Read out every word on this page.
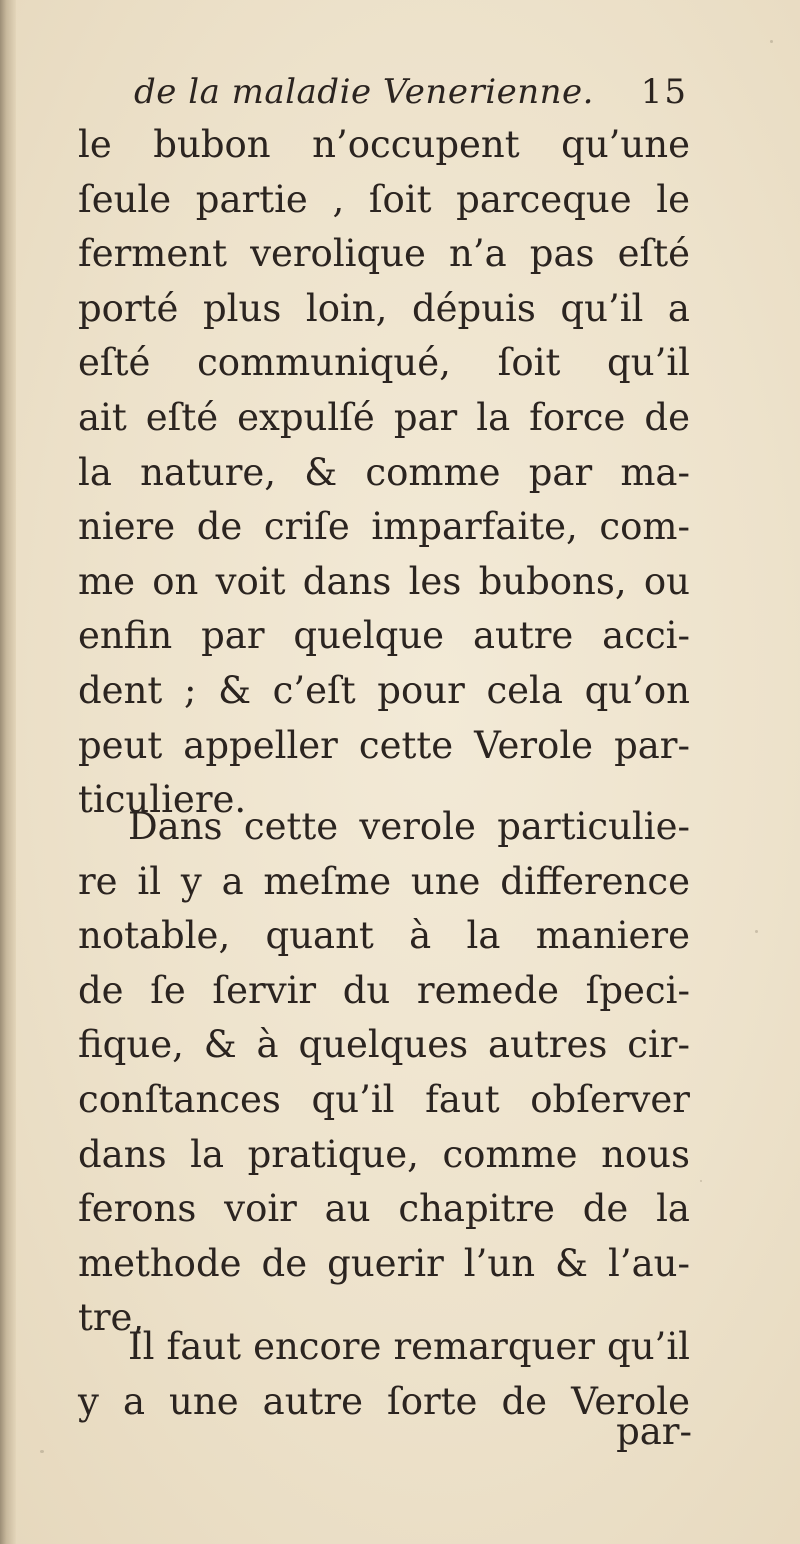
de la maladie Venerienne. 15
le bubon n’occupent qu’une
ſeule partie , ſoit parceque le
ferment verolique n’a pas eſté
porté plus loin, dépuis qu’il a
eſté communiqué, ſoit qu’il
ait eſté expulſé par la force de
la nature, & comme par ma-
niere de criſe imparfaite, com-
me on voit dans les bubons, ou
enfin par quelque autre acci-
dent ; & c’eſt pour cela qu’on
peut appeller cette Verole par-
ticuliere.
Dans cette verole particulie-
re il y a meſme une difference
notable, quant à la maniere
de ſe ſervir du remede ſpeci-
fique, & à quelques autres cir-
conſtances qu’il faut obſerver
dans la pratique, comme nous
ferons voir au chapitre de la
methode de guerir l’un & l’au-
tre,
Il faut encore remarquer qu’il
y a une autre ſorte de Verole
par-
